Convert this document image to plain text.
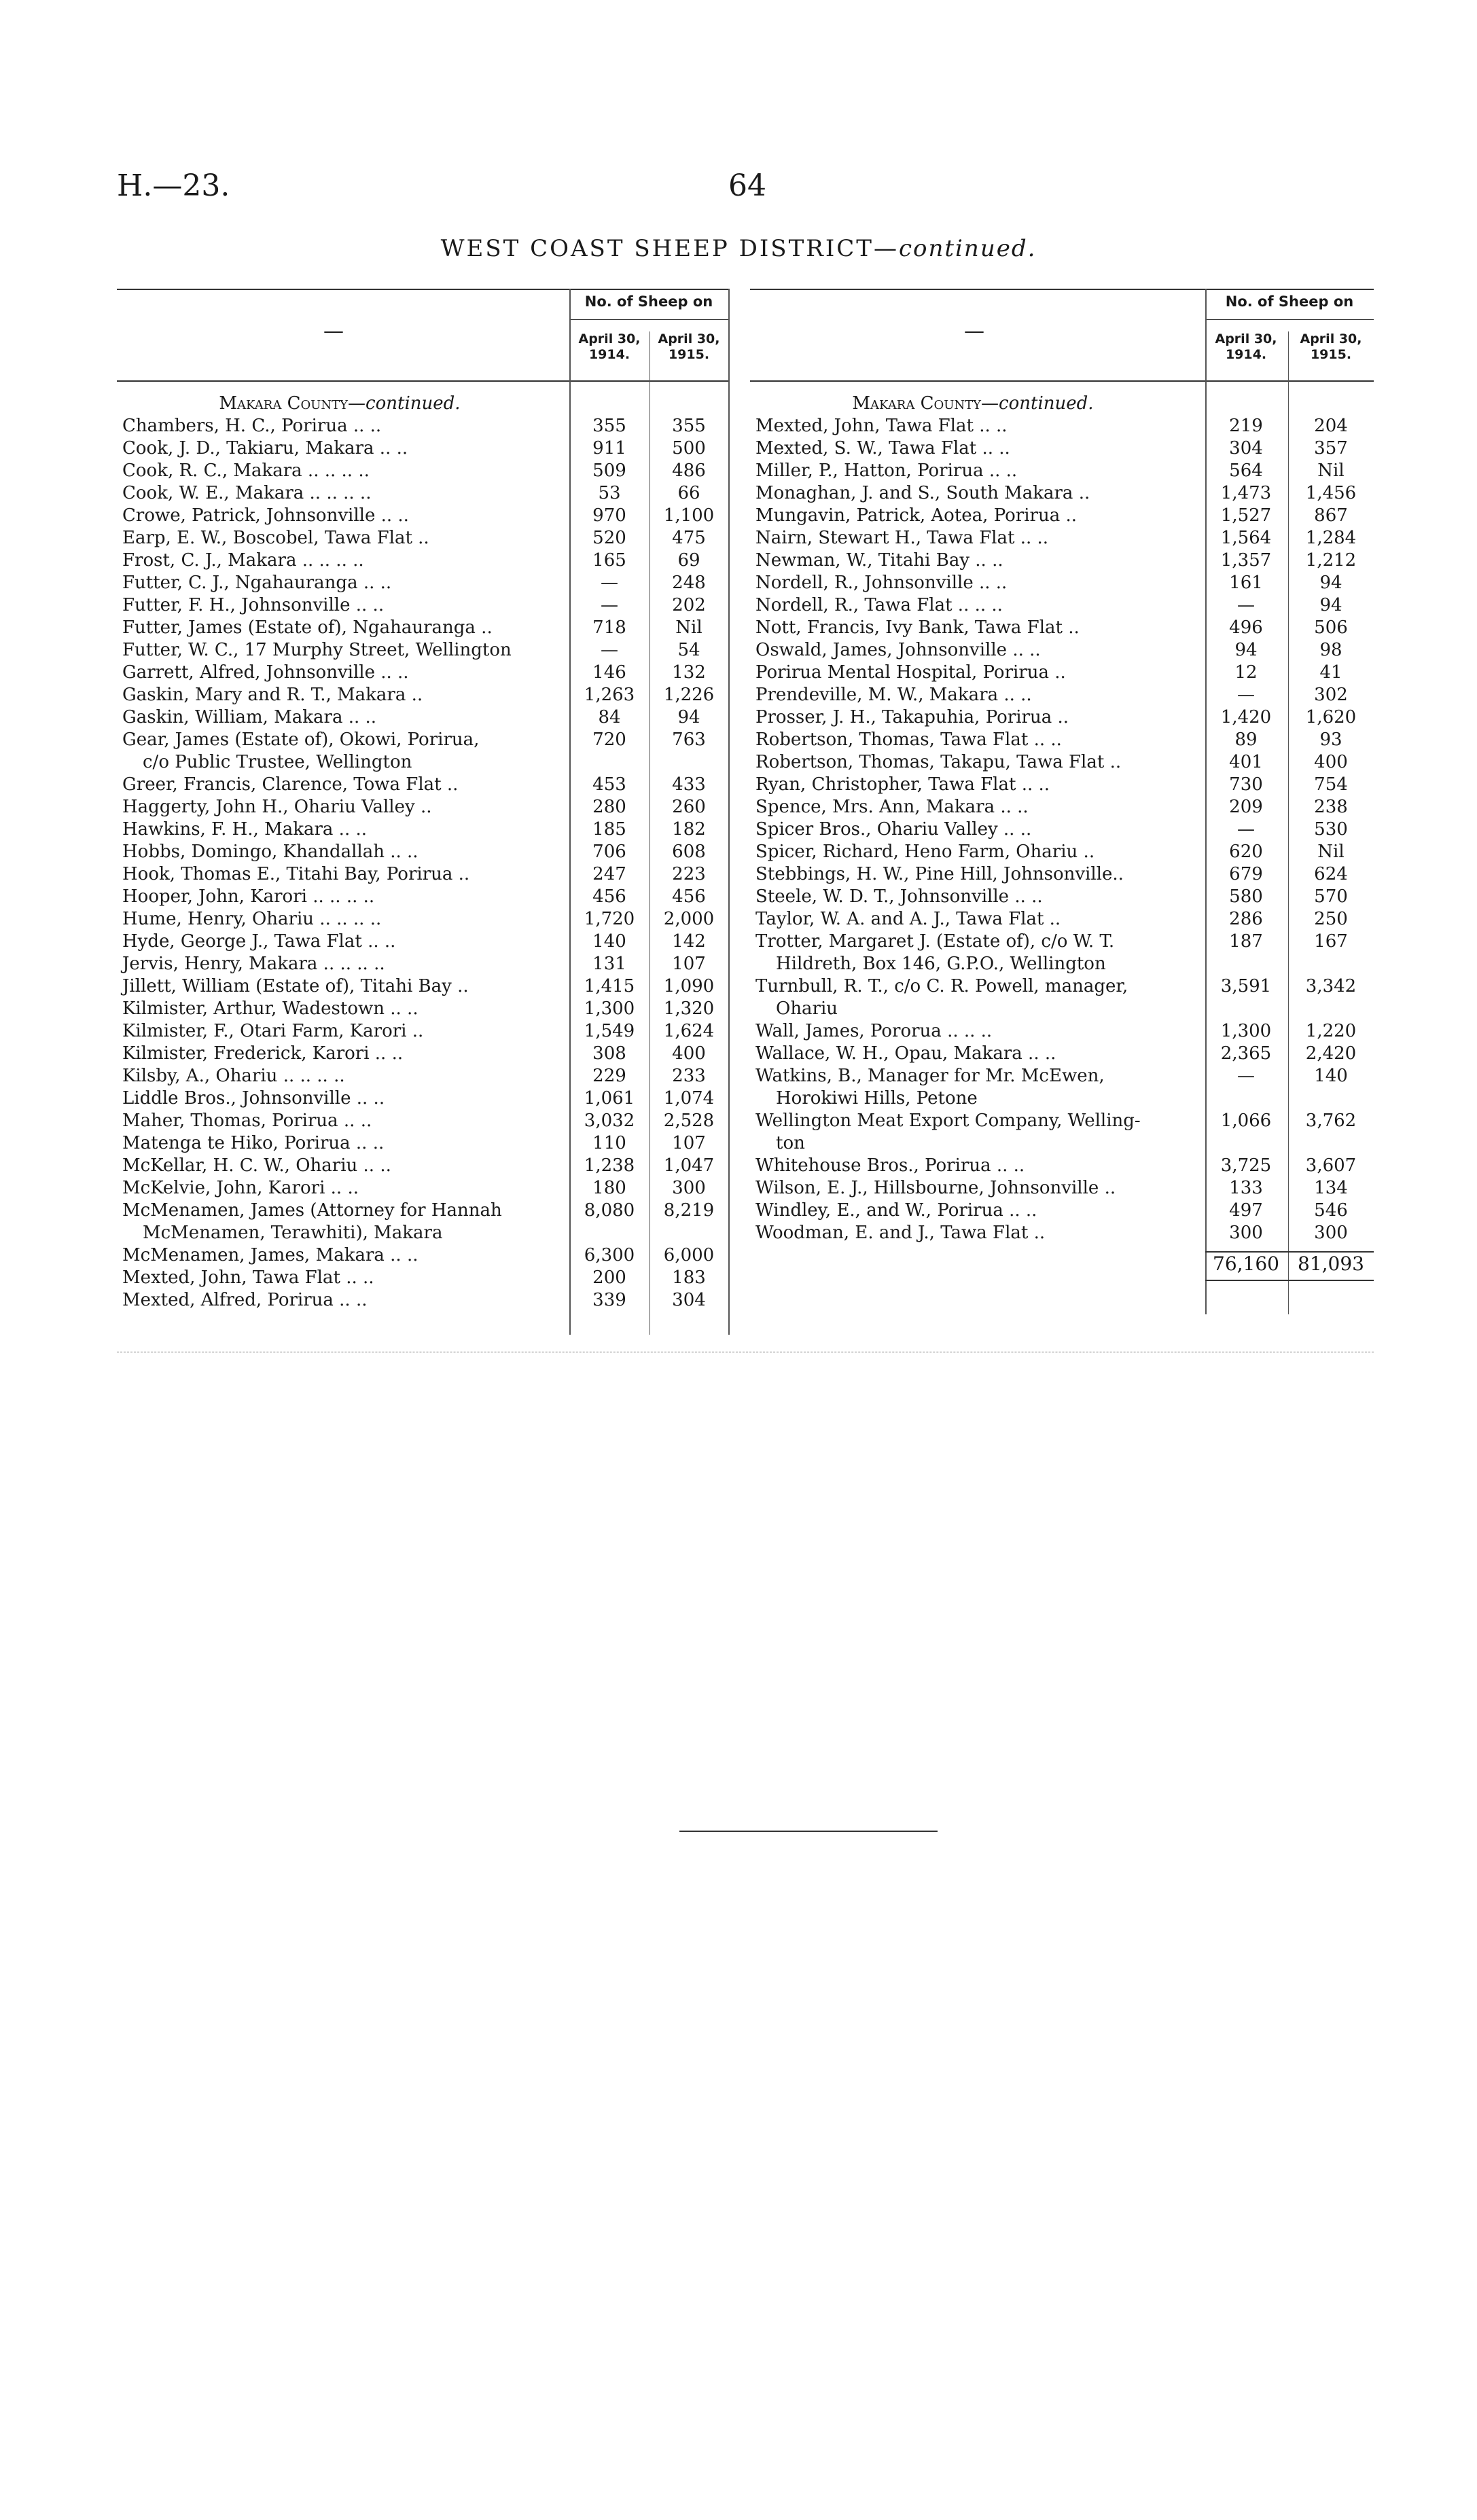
H.—23.	64
WEST COAST SHEEP DISTRICT—continued.
—
No. of Sheep on
April 30,
1914.
April 30,
1915.
—
No. of Sheep on
April 30,
1914.
April 30,
1915.
Makara County—continued.
Chambers, H. C., Porirua .. ..	355	355
Cook, J. D., Takiaru, Makara .. ..	911	500
Cook, R. C., Makara .. .. .. ..	509	486
Cook, W. E., Makara .. .. .. ..	53	66
Crowe, Patrick, Johnsonville .. ..	970	1,100
Earp, E. W., Boscobel, Tawa Flat ..	520	475
Frost, C. J., Makara .. .. .. ..	165	69
Futter, C. J., Ngahauranga .. ..	—	248
Futter, F. H., Johnsonville .. ..	—	202
Futter, James (Estate of), Ngahauranga ..	718	Nil
Futter, W. C., 17 Murphy Street, Wellington	—	54
Garrett, Alfred, Johnsonville .. ..	146	132
Gaskin, Mary and R. T., Makara ..	1,263	1,226
Gaskin, William, Makara .. ..	84	94
Gear, James (Estate of), Okowi, Porirua,
c/o Public Trustee, Wellington
720	763
Greer, Francis, Clarence, Towa Flat ..	453	433
Haggerty, John H., Ohariu Valley ..	280	260
Hawkins, F. H., Makara .. ..	185	182
Hobbs, Domingo, Khandallah .. ..	706	608
Hook, Thomas E., Titahi Bay, Porirua ..	247	223
Hooper, John, Karori .. .. .. ..	456	456
Hume, Henry, Ohariu .. .. .. ..	1,720	2,000
Hyde, George J., Tawa Flat .. ..	140	142
Jervis, Henry, Makara .. .. .. ..	131	107
Jillett, William (Estate of), Titahi Bay ..	1,415	1,090
Kilmister, Arthur, Wadestown .. ..	1,300	1,320
Kilmister, F., Otari Farm, Karori ..	1,549	1,624
Kilmister, Frederick, Karori .. ..	308	400
Kilsby, A., Ohariu .. .. .. ..	229	233
Liddle Bros., Johnsonville .. ..	1,061	1,074
Maher, Thomas, Porirua .. ..	3,032	2,528
Matenga te Hiko, Porirua .. ..	110	107
McKellar, H. C. W., Ohariu .. ..	1,238	1,047
McKelvie, John, Karori .. ..	180	300
McMenamen, James (Attorney for Hannah
McMenamen, Terawhiti), Makara
8,080	8,219
McMenamen, James, Makara .. ..	6,300	6,000
Mexted, John, Tawa Flat .. ..	200	183
Mexted, Alfred, Porirua .. ..	339	304
Makara County—continued.
Mexted, John, Tawa Flat .. ..	219	204
Mexted, S. W., Tawa Flat .. ..	304	357
Miller, P., Hatton, Porirua .. ..	564	Nil
Monaghan, J. and S., South Makara ..	1,473	1,456
Mungavin, Patrick, Aotea, Porirua ..	1,527	867
Nairn, Stewart H., Tawa Flat .. ..	1,564	1,284
Newman, W., Titahi Bay .. ..	1,357	1,212
Nordell, R., Johnsonville .. ..	161	94
Nordell, R., Tawa Flat .. .. ..	—	94
Nott, Francis, Ivy Bank, Tawa Flat ..	496	506
Oswald, James, Johnsonville .. ..	94	98
Porirua Mental Hospital, Porirua ..	12	41
Prendeville, M. W., Makara .. ..	—	302
Prosser, J. H., Takapuhia, Porirua ..	1,420	1,620
Robertson, Thomas, Tawa Flat .. ..	89	93
Robertson, Thomas, Takapu, Tawa Flat ..	401	400
Ryan, Christopher, Tawa Flat .. ..	730	754
Spence, Mrs. Ann, Makara .. ..	209	238
Spicer Bros., Ohariu Valley .. ..	—	530
Spicer, Richard, Heno Farm, Ohariu ..	620	Nil
Stebbings, H. W., Pine Hill, Johnsonville..	679	624
Steele, W. D. T., Johnsonville .. ..	580	570
Taylor, W. A. and A. J., Tawa Flat ..	286	250
Trotter, Margaret J. (Estate of), c/o W. T.
Hildreth, Box 146, G.P.O., Wellington
187	167
Turnbull, R. T., c/o C. R. Powell, manager,
Ohariu
3,591	3,342
Wall, James, Pororua .. .. ..	1,300	1,220
Wallace, W. H., Opau, Makara .. ..	2,365	2,420
Watkins, B., Manager for Mr. McEwen,
Horokiwi Hills, Petone
—	140
Wellington Meat Export Company, Welling-
ton
1,066	3,762
Whitehouse Bros., Porirua .. ..	3,725	3,607
Wilson, E. J., Hillsbourne, Johnsonville ..	133	134
Windley, E., and W., Porirua .. ..	497	546
Woodman, E. and J., Tawa Flat ..	300	300
76,160 81,093
